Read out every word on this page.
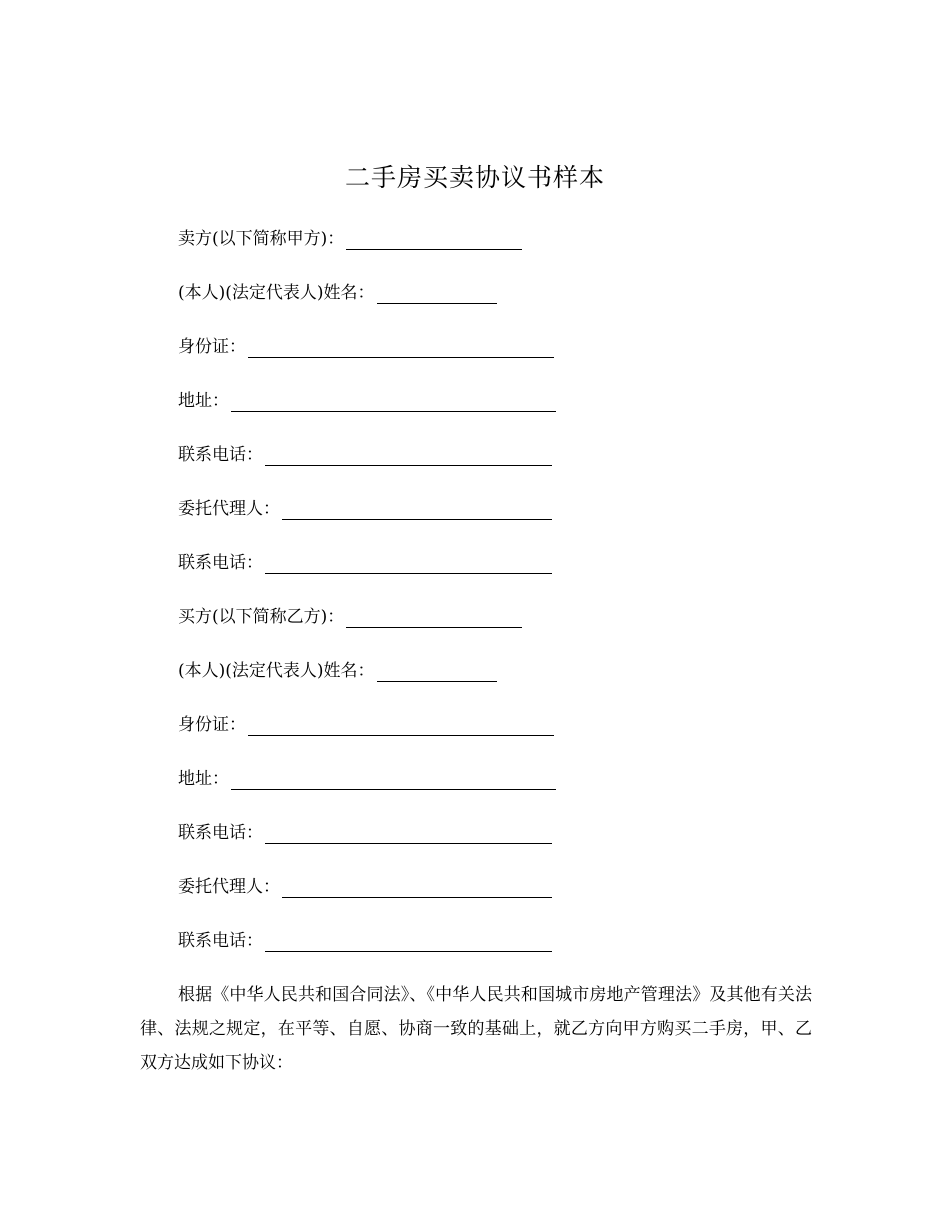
二手房买卖协议书样本
卖方(以下简称甲方)：
(本人)(法定代表人)姓名：
身份证：
地址：
联系电话：
委托代理人：
联系电话：
买方(以下简称乙方)：
(本人)(法定代表人)姓名：
身份证：
地址：
联系电话：
委托代理人：
联系电话：

根据《中华人民共和国合同法》、《中华人民共和国城市房地产管理法》及其他有关法律、法规之规定，在平等、自愿、协商一致的基础上，就乙方向甲方购买二手房，甲、乙双方达成如下协议：
